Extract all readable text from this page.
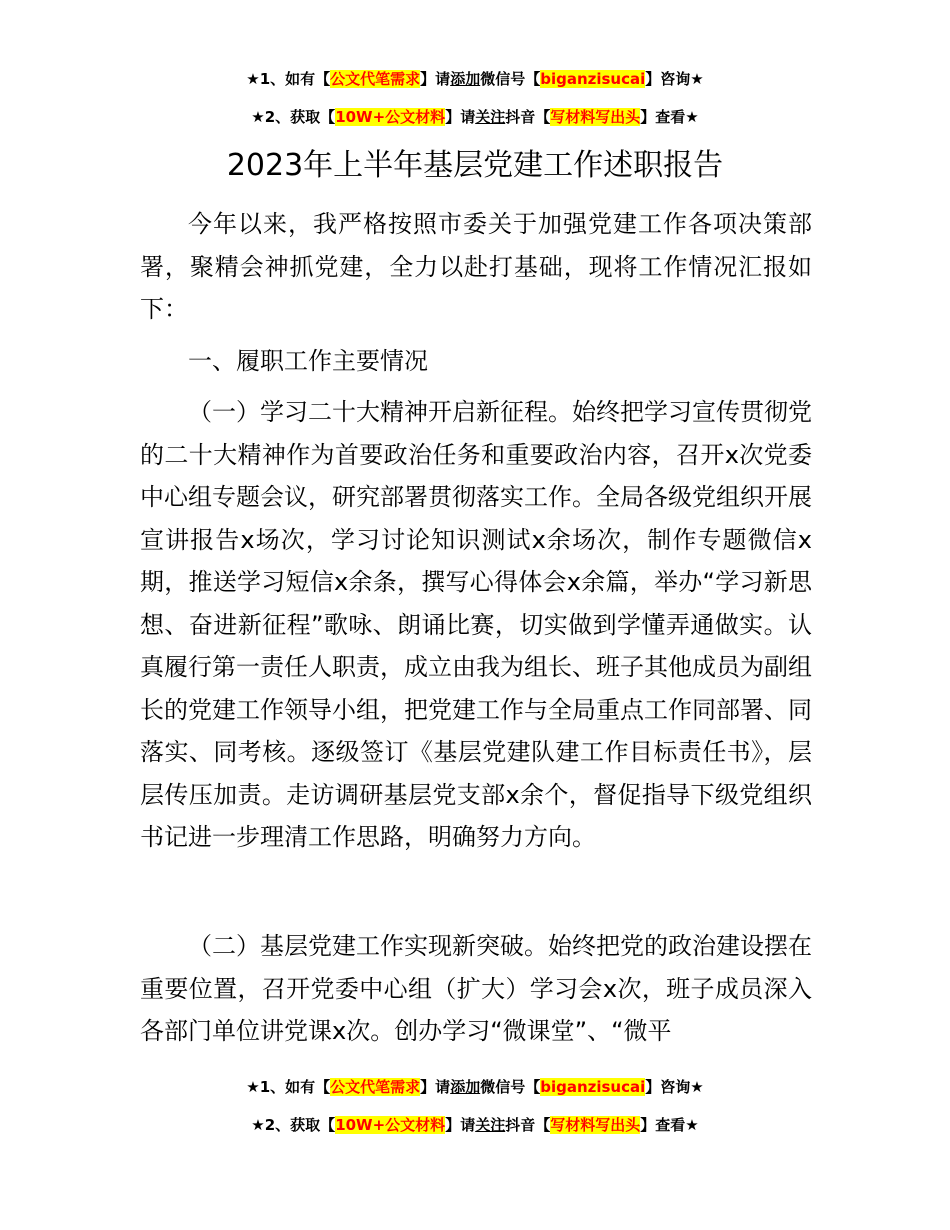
★1、如有【公文代笔需求】请添加微信号【biganzisucai】咨询★
★2、获取【10W+公文材料】请关注抖音【写材料写出头】查看★
2023年上半年基层党建工作述职报告
今年以来，我严格按照市委关于加强党建工作各项决策部署，聚精会神抓党建，全力以赴打基础，现将工作情况汇报如下：
一、履职工作主要情况
（一）学习二十大精神开启新征程。始终把学习宣传贯彻党的二十大精神作为首要政治任务和重要政治内容，召开x次党委中心组专题会议，研究部署贯彻落实工作。全局各级党组织开展宣讲报告x场次，学习讨论知识测试x余场次，制作专题微信x期，推送学习短信x余条，撰写心得体会x余篇，举办“学习新思想、奋进新征程”歌咏、朗诵比赛，切实做到学懂弄通做实。认真履行第一责任人职责，成立由我为组长、班子其他成员为副组长的党建工作领导小组，把党建工作与全局重点工作同部署、同落实、同考核。逐级签订《基层党建队建工作目标责任书》，层层传压加责。走访调研基层党支部x余个，督促指导下级党组织书记进一步理清工作思路，明确努力方向。
（二）基层党建工作实现新突破。始终把党的政治建设摆在重要位置，召开党委中心组（扩大）学习会x次，班子成员深入各部门单位讲党课x次。创办学习“微课堂”、“微平
★1、如有【公文代笔需求】请添加微信号【biganzisucai】咨询★
★2、获取【10W+公文材料】请关注抖音【写材料写出头】查看★
